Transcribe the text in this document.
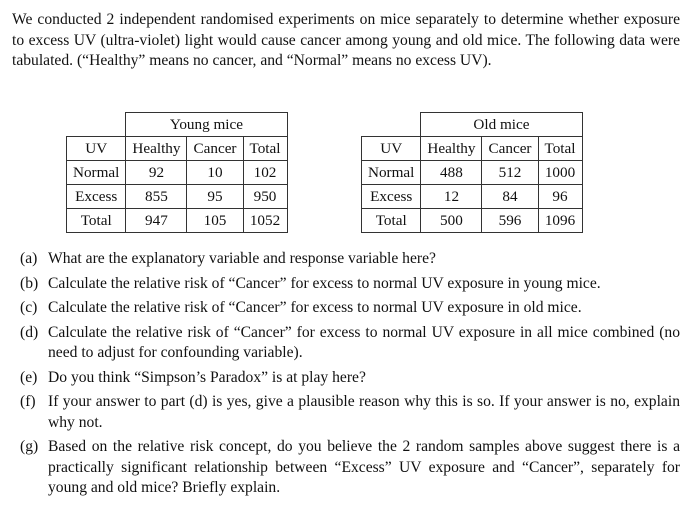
We conducted 2 independent randomised experiments on mice separately to determine whether exposure to excess UV (ultra-violet) light would cause cancer among young and old mice. The following data were tabulated. (“Healthy” means no cancer, and “Normal” means no excess UV).

	Young mice		
UV	Healthy	Cancer	Total
Normal	92	10	102
Excess	855	95	950
Total	947	105	1052
	Old mice		
UV	Healthy	Cancer	Total
Normal	488	512	1000
Excess	12	84	96
Total	500	596	1096
(a) What are the explanatory variable and response variable here?
(b) Calculate the relative risk of “Cancer” for excess to normal UV exposure in young mice.
(c) Calculate the relative risk of “Cancer” for excess to normal UV exposure in old mice.
(d) Calculate the relative risk of “Cancer” for excess to normal UV exposure in all mice combined (no need to adjust for confounding variable).
(e) Do you think “Simpson’s Paradox” is at play here?
(f) If your answer to part (d) is yes, give a plausible reason why this is so. If your answer is no, explain why not.
(g) Based on the relative risk concept, do you believe the 2 random samples above suggest there is a practically significant relationship between “Excess” UV exposure and “Cancer”, separately for young and old mice? Briefly explain.
